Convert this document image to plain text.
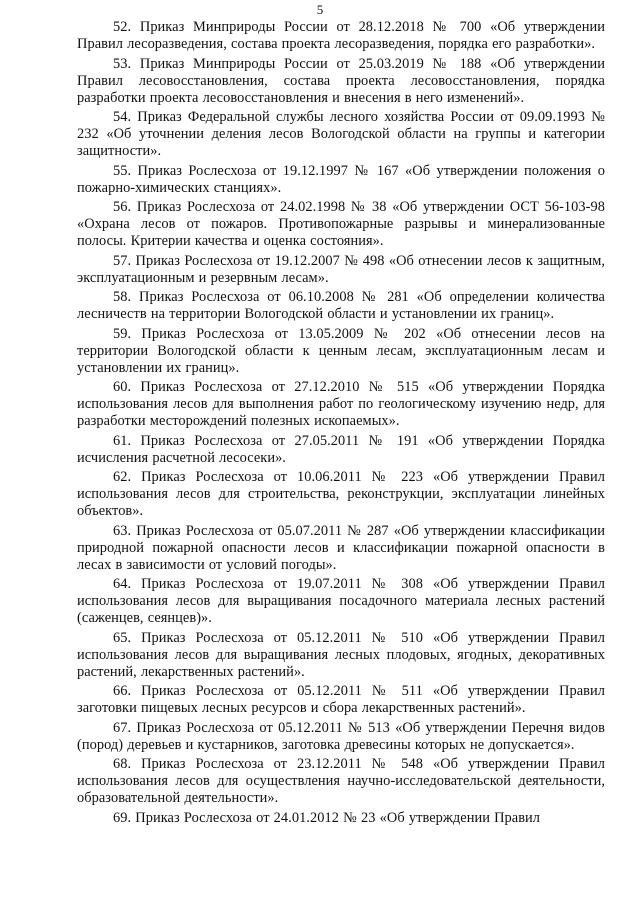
5

52. Приказ Минприроды России от 28.12.2018 № 700 «Об утверждении Правил лесоразведения, состава проекта лесоразведения, порядка его разработки».

53. Приказ Минприроды России от 25.03.2019 № 188 «Об утверждении Правил лесовосстановления, состава проекта лесовосстановления, порядка разработки проекта лесовосстановления и внесения в него изменений».

54. Приказ Федеральной службы лесного хозяйства России от 09.09.1993 № 232 «Об уточнении деления лесов Вологодской области на группы и категории защитности».

55. Приказ Рослесхоза от 19.12.1997 № 167 «Об утверждении положения о пожарно-химических станциях».

56. Приказ Рослесхоза от 24.02.1998 № 38 «Об утверждении ОСТ 56-103-98 «Охрана лесов от пожаров. Противопожарные разрывы и минерализованные полосы. Критерии качества и оценка состояния».

57. Приказ Рослесхоза от 19.12.2007 № 498 «Об отнесении лесов к защитным, эксплуатационным и резервным лесам».

58. Приказ Рослесхоза от 06.10.2008 № 281 «Об определении количества лесничеств на территории Вологодской области и установлении их границ».

59. Приказ Рослесхоза от 13.05.2009 № 202 «Об отнесении лесов на территории Вологодской области к ценным лесам, эксплуатационным лесам и установлении их границ».

60. Приказ Рослесхоза от 27.12.2010 № 515 «Об утверждении Порядка использования лесов для выполнения работ по геологическому изучению недр, для разработки месторождений полезных ископаемых».

61. Приказ Рослесхоза от 27.05.2011 № 191 «Об утверждении Порядка исчисления расчетной лесосеки».

62. Приказ Рослесхоза от 10.06.2011 № 223 «Об утверждении Правил использования лесов для строительства, реконструкции, эксплуатации линейных объектов».

63. Приказ Рослесхоза от 05.07.2011 № 287 «Об утверждении классификации природной пожарной опасности лесов и классификации пожарной опасности в лесах в зависимости от условий погоды».

64. Приказ Рослесхоза от 19.07.2011 № 308 «Об утверждении Правил использования лесов для выращивания посадочного материала лесных растений (саженцев, сеянцев)».

65. Приказ Рослесхоза от 05.12.2011 № 510 «Об утверждении Правил использования лесов для выращивания лесных плодовых, ягодных, декоративных растений, лекарственных растений».

66. Приказ Рослесхоза от 05.12.2011 № 511 «Об утверждении Правил заготовки пищевых лесных ресурсов и сбора лекарственных растений».

67. Приказ Рослесхоза от 05.12.2011 № 513 «Об утверждении Перечня видов (пород) деревьев и кустарников, заготовка древесины которых не допускается».

68. Приказ Рослесхоза от 23.12.2011 № 548 «Об утверждении Правил использования лесов для осуществления научно-исследовательской деятельности, образовательной деятельности».

69. Приказ Рослесхоза от 24.01.2012 № 23 «Об утверждении Правил
